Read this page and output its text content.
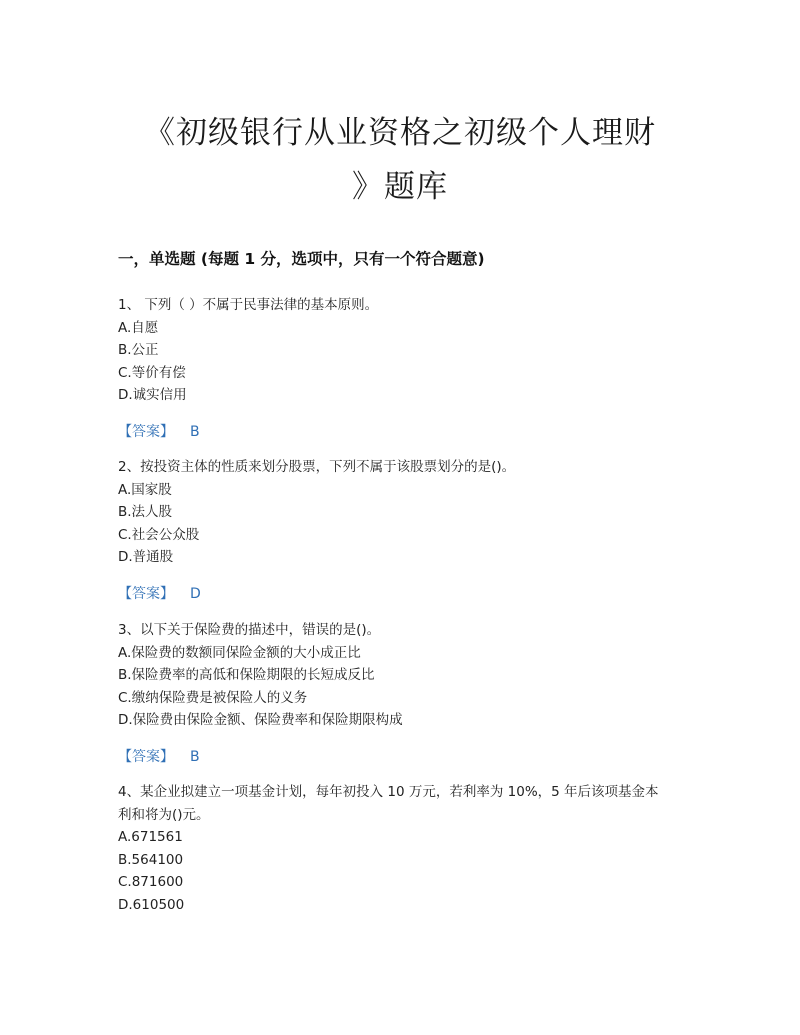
《初级银行从业资格之初级个人理财
》题库
一，单选题 (每题 1 分，选项中，只有一个符合题意)
1、 下列（ ）不属于民事法律的基本原则。
A.自愿
B.公正
C.等价有偿
D.诚实信用
【答案】 B
2、按投资主体的性质来划分股票，下列不属于该股票划分的是()。
A.国家股
B.法人股
C.社会公众股
D.普通股
【答案】 D
3、以下关于保险费的描述中，错误的是()。
A.保险费的数额同保险金额的大小成正比
B.保险费率的高低和保险期限的长短成反比
C.缴纳保险费是被保险人的义务
D.保险费由保险金额、保险费率和保险期限构成
【答案】 B
4、某企业拟建立一项基金计划，每年初投入 10 万元，若利率为 10%，5 年后该项基金本
利和将为()元。
A.671561
B.564100
C.871600
D.610500
